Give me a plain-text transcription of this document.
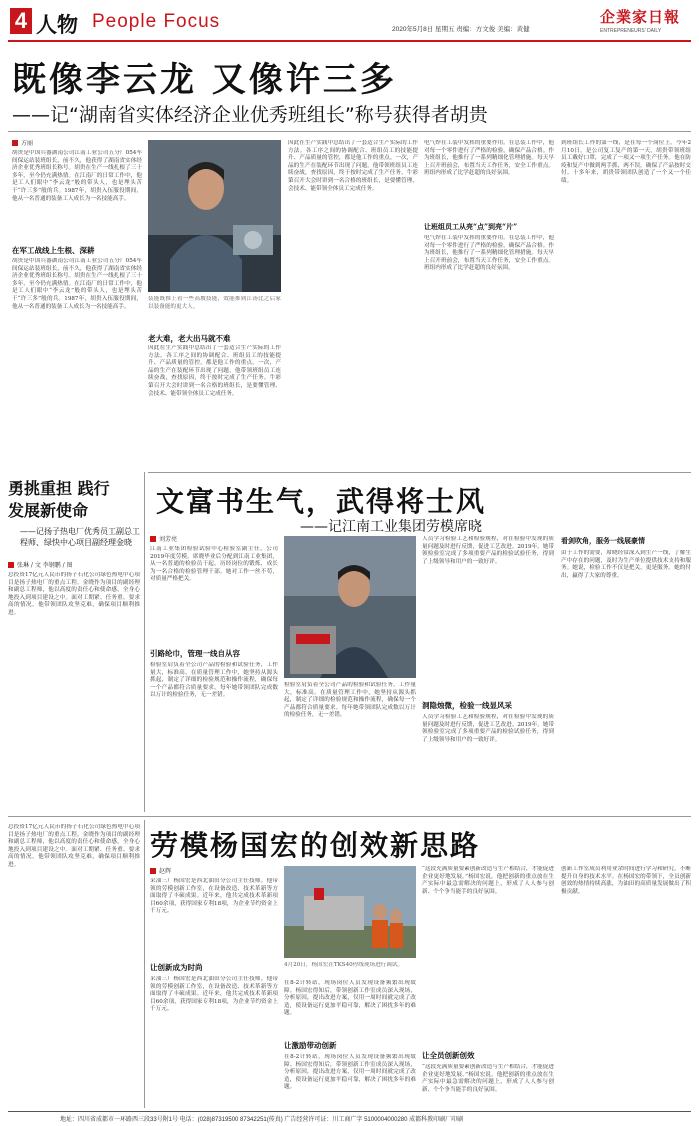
4 人物 People Focus	2020年5月8日 星期五 责编：方文俊 美编：黄健
企業家日報
ENTREPRENEURS' DAILY
既像李云龙 又像许三多
——记“湖南省实体经济企业优秀班组长”称号获得者胡贵
方丽
胡贵是中国兵器湖南公司江南工业公司五分厂054车间保运站装班组长，前不久，他获得了湖南省实体经济企业优秀班组长称号。胡贵在生产一线扎根了三十多年，至今仍充满热情。在江南厂的日常工作中，他是工人们眼中“李云龙”般的带头人，也是埋头苦干“许三多”般的兵。1987年，胡贵入伍服役期间，他从一名普通的装备工人成长为一名技能高手。
在军工战线上生根、深耕
胡贵是中国兵器湖南公司江南工业公司五分厂054车间保运站装班组长，前不久，他获得了湖南省实体经济企业优秀班组长称号。胡贵在生产一线扎根了三十多年，至今仍充满热情。在江南厂的日常工作中，他是工人们眼中“李云龙”般的带头人，也是埋头苦干“许三多”般的兵。1987年，胡贵入伍服役期间，他从一名普通的装备工人成长为一名技能高手。
装能既推上看一些高坡技能，效能推到江汤比之后家以装备能的更大人。
老大难，老大出马就不难
因此在生产实践中总结出了一套适合生产实际的工作方法。各工序之间的协调配合、班组员工的技能提升、产品质量的管控，都是他工作的重点。一次，产品的生产在装配环节出现了问题，他带领班组员工连续奋战，查找原因，终于按时完成了生产任务。牛彩第召开大会时讲到一名合格的班组长，是要懂管理、会技术、能带领全体员工完成任务。
因此在生产实践中总结出了一套适合生产实际的工作方法。各工序之间的协调配合、班组员工的技能提升、产品质量的管控，都是他工作的重点。一次，产品的生产在装配环节出现了问题，他带领班组员工连续奋战，查找原因，终于按时完成了生产任务。牛彩第召开大会时讲到一名合格的班组长，是要懂管理、会技术、能带领全体员工完成任务。
电气焊在工装中发挥的重要作用。在总装工作中，他对每一个零件进行了严格的检验，确保产品合格。作为班组长，他推行了一系列精细化管理措施。每天早上召开班前会，布置当天工作任务，安全工作重点。班组内形成了比学赶超的良好氛围。
让班组员工从亮“点”到亮“片”
电气焊在工装中发挥的重要作用。在总装工作中，他对每一个零件进行了严格的检验，确保产品合格。作为班组长，他推行了一系列精细化管理措施。每天早上召开班前会，布置当天工作任务，安全工作重点。班组内形成了比学赶超的良好氛围。
到班组长工作的第一线，是在每一个岗位上。今年2月10日，是公司复工复产的第一天，胡贵带领班组员工戴好口罩，完成了一项又一项生产任务。他在防疫和复产中做到两手抓，两不误，确保了产品按时交付。十多年来，胡贵带领团队创造了一个又一个佳绩。
文富书生气，武得将士风
——记江南工业集团劳模席晓
刘芳亮
江南工业集团检验试验中心检验室副主任，公司2019年度劳模。席晓毕业后分配到江南工业集团，从一名普通的检验员干起，历经岗位的锻炼，成长为一名合格的检验管理干部。她对工作一丝不苟，对质量严格把关。
引路纶巾，管理一线自从容
检验室肩负着全公司产品的检验和试验任务，工作量大，标准高。在质量管理工作中，她坚持从源头抓起，制定了详细的检验规范和操作流程，确保每一个产品都符合质量要求。每年她带领团队完成数以万计的检验任务，无一差错。
检验室肩负着全公司产品的检验和试验任务，工作量大，标准高。在质量管理工作中，她坚持从源头抓起，制定了详细的检验规范和操作流程，确保每一个产品都符合质量要求。每年她带领团队完成数以万计的检验任务，无一差错。
人员学习检验工艺和检验规程，对在检验中发现的质量问题及时进行反馈，促进工艺改进。2019年，她带领检验室完成了多项重要产品的检验试验任务，得到了上级领导和用户的一致好评。
洞隐烛微，检验一线显风采
人员学习检验工艺和检验规程，对在检验中发现的质量问题及时进行反馈，促进工艺改进。2019年，她带领检验室完成了多项重要产品的检验试验任务，得到了上级领导和用户的一致好评。
看剑吹角，服务一线展豪情
由于工作的需要，席晓经常深入到生产一线，了解生产中存在的问题，及时为生产单位提供技术支持和服务。她说，检验工作不仅是把关，更是服务。她的付出，赢得了大家的尊重。
勇挑重担 践行发展新使命
——记扬子热电厂优秀员工副总工程师、绿快中心项目副经理金晓
张琳 / 文 李钢鹏 / 图
总投资17亿元人民币的扬子石化公司绿色热电中心项目是扬子热电厂的重点工程。金晓作为项目的副经理和副总工程师，他以高度的责任心和使命感，全身心地投入到项目建设之中。面对工期紧、任务重、要求高的情况，他带领团队攻坚克难，确保项目顺利推进。
劳模杨国宏的创效新思路
总投资17亿元人民币的扬子石化公司绿色热电中心项目是扬子热电厂的重点工程。金晓作为项目的副经理和副总工程师，他以高度的责任心和使命感，全身心地投入到项目建设之中。面对工期紧、任务重、要求高的情况，他带领团队攻坚克难，确保项目顺利推进。
赵辉
采油三厂杨国宏是西北油田分公司主任技师。他带领的劳模创新工作室，在设备改造、技术革新等方面取得了丰硕成果。近年来，他共完成技术革新项目60余项，获得国家专利18项，为企业节约资金上千万元。
让创新成为时尚
采油三厂杨国宏是西北油田分公司主任技师。他带领的劳模创新工作室，在设备改造、技术革新等方面取得了丰硕成果。近年来，他共完成技术革新项目60余项，获得国家专利18项，为企业节约资金上千万元。
4月20日，杨国宏在TKS40停线现场进行调试。
在8-2计转站，现场岗位人员发现设备频繁出现故障。杨国宏得知后，带领创新工作室成员深入现场，分析原因，提出改进方案，仅用一周时间就完成了改造，使设备运行更加平稳可靠，解决了困扰多年的难题。
让激励带动创新
在8-2计转站，现场岗位人员发现设备频繁出现故障。杨国宏得知后，带领创新工作室成员深入现场，分析原因，提出改进方案，仅用一周时间就完成了改造，使设备运行更加平稳可靠，解决了困扰多年的难题。
“这段充满质量要素创新改造与生产相结合，才能促进企业更好地发展。”杨国宏说。他把创新的重点放在生产实际中最急需解决的问题上，形成了人人参与创新、个个争当能手的良好氛围。
让全员创新创效
“这段充满质量要素创新改造与生产相结合，才能促进企业更好地发展。”杨国宏说。他把创新的重点放在生产实际中最急需解决的问题上，形成了人人参与创新、个个争当能手的良好氛围。
创新工作室成员利用业余时间进行学习和研究，不断提升自身的技术水平。在杨国宏的带领下，全员创新创效的热情持续高涨，为油田的高质量发展做出了积极贡献。
地址：四川省成都市一环路西三段33号附1号 电话：(028)87319500 87342251(传真) 广告经营许可证：川工商广字 5100004000280 成都科教印刷厂印刷
